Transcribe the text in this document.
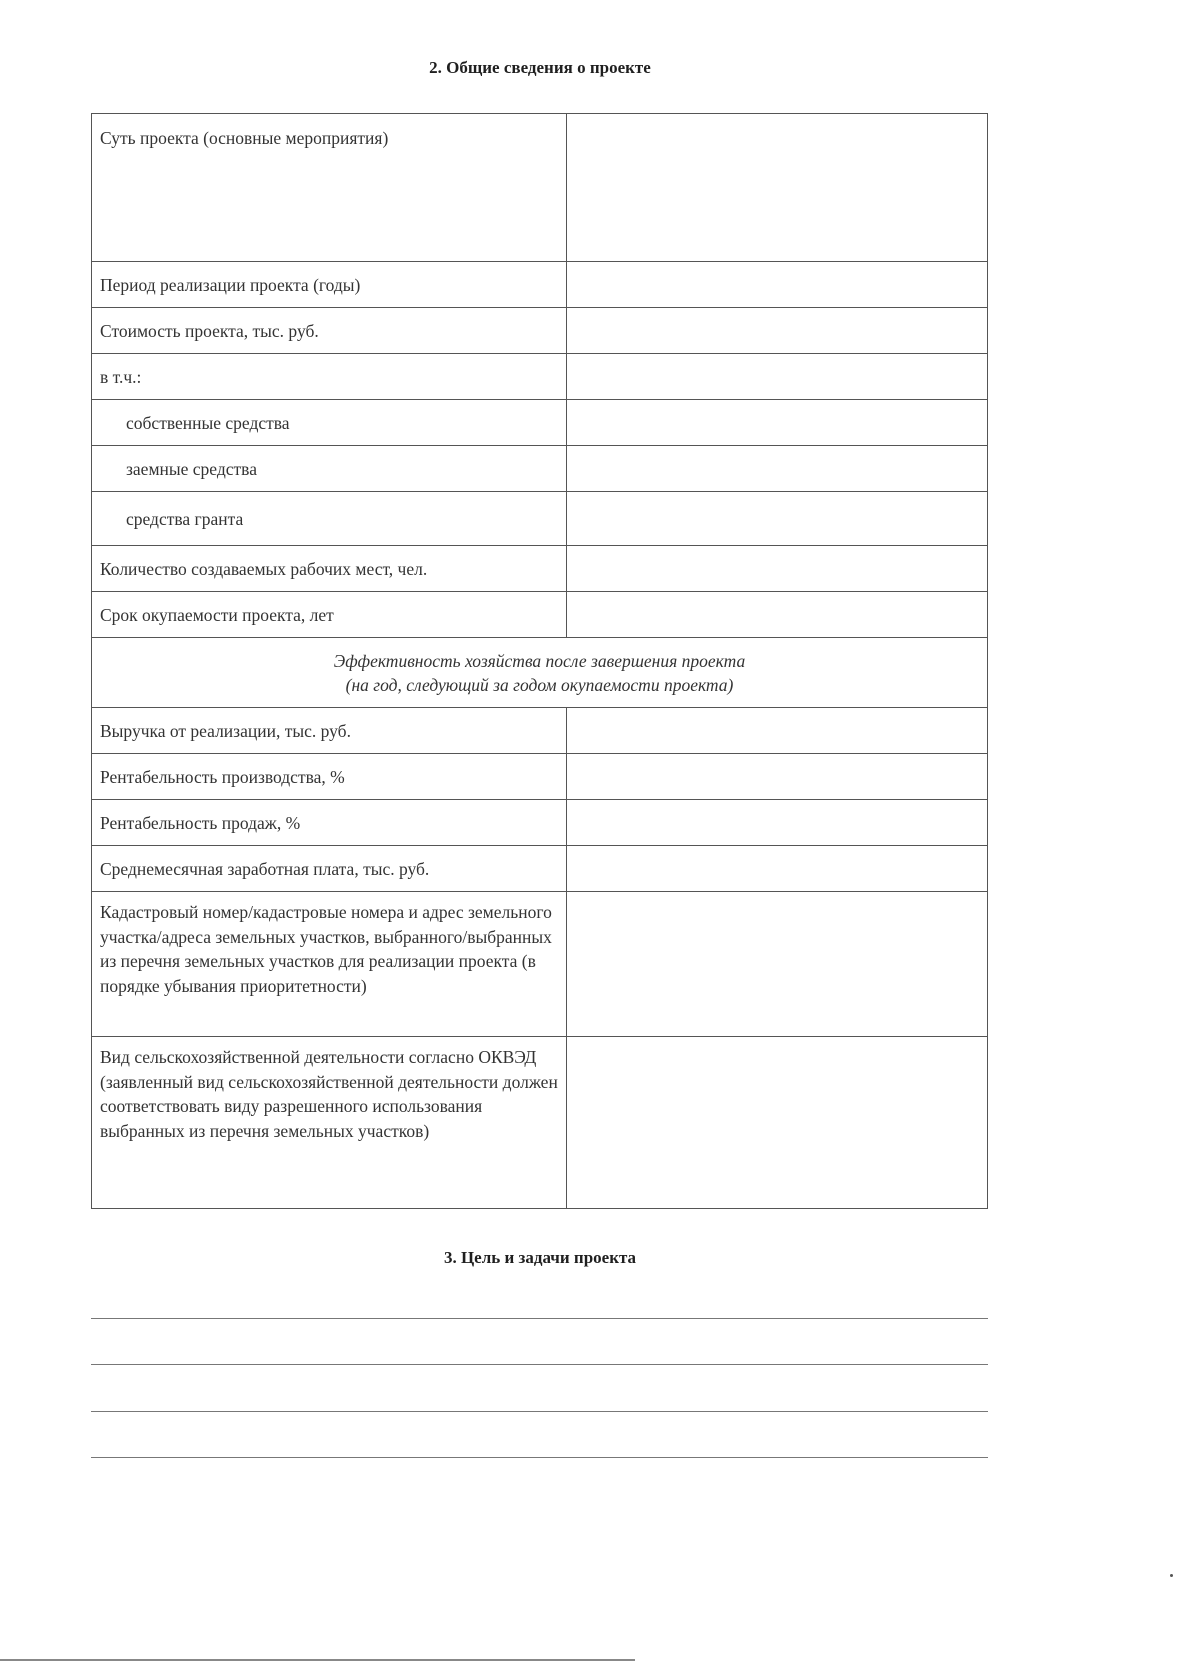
2. Общие сведения о проекте
Суть проекта (основные мероприятия)	
Период реализации проекта (годы)	
Стоимость проекта, тыс. руб.	
в т.ч.:	
собственные средства	
заемные средства	
средства гранта	
Количество создаваемых рабочих мест, чел.	
Срок окупаемости проекта, лет	

Эффективность хозяйства после завершения проекта
(на год, следующий за годом окупаемости проекта)	

Выручка от реализации, тыс. руб.	
Рентабельность производства, %	
Рентабельность продаж, %	
Среднемесячная заработная плата, тыс. руб.	
Кадастровый номер/кадастровые номера и адрес земельного участка/адреса земельных участков, выбранного/выбранных из перечня земельных участков для реализации проекта (в порядке убывания приоритетности)	
Вид сельскохозяйственной деятельности согласно ОКВЭД (заявленный вид сельскохозяйственной деятельности должен соответствовать виду разрешенного использования выбранных из перечня земельных участков)	
3. Цель и задачи проекта
